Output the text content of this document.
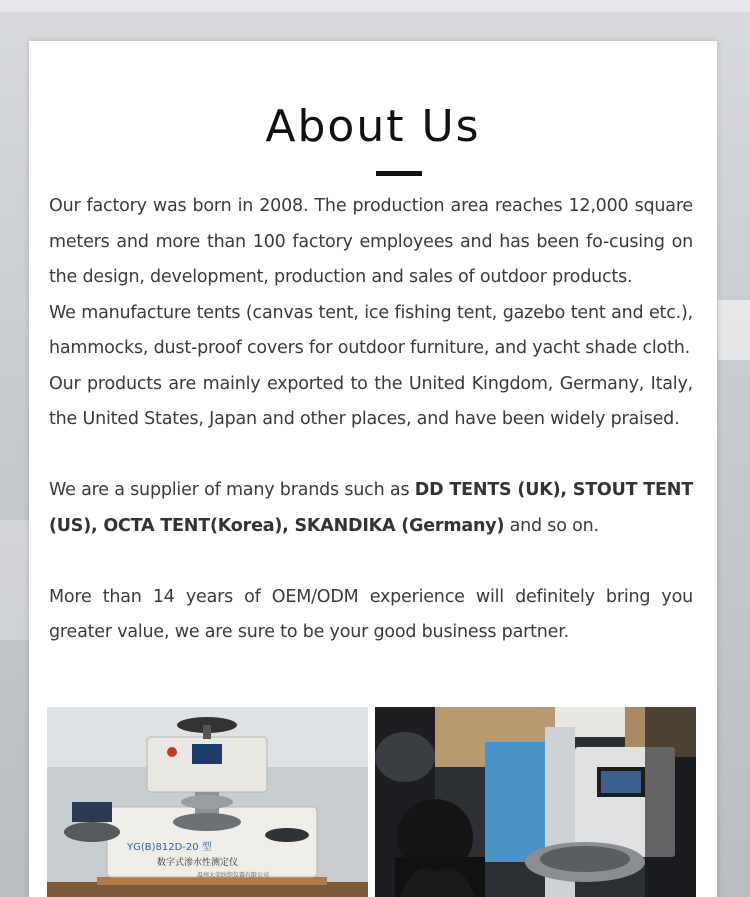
About Us

Our factory was born in 2008. The production area reaches 12,000 square meters and more than 100 factory employees and has been fo-cusing on the design, development, production and sales of outdoor products.

We manufacture tents (canvas tent, ice fishing tent, gazebo tent and etc.), hammocks, dust-proof covers for outdoor furniture, and yacht shade cloth.

Our products are mainly exported to the United Kingdom, Germany, Italy, the United States, Japan and other places, and have been widely praised.

We are a supplier of many brands such as DD TENTS (UK), STOUT TENT (US), OCTA TENT(Korea), SKANDIKA (Germany) and so on.

More than 14 years of OEM/ODM experience will definitely bring you greater value, we are sure to be your good business partner.

YG(B)812D-20 型
数字式渗水性测定仪
温州大荣纺织仪器有限公司
